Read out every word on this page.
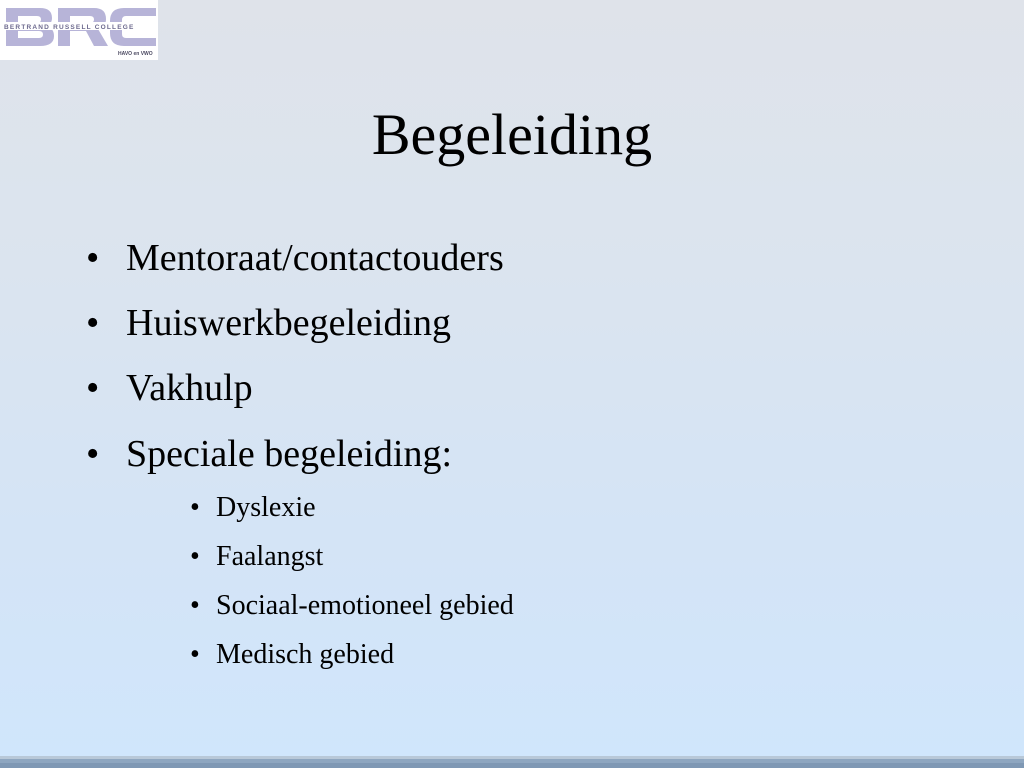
BERTRAND RUSSELL COLLEGE
HAVO en VWO
Begeleiding
• Mentoraat/contactouders
• Huiswerkbegeleiding
• Vakhulp
• Speciale begeleiding:
• Dyslexie
• Faalangst
• Sociaal-emotioneel gebied
• Medisch gebied
